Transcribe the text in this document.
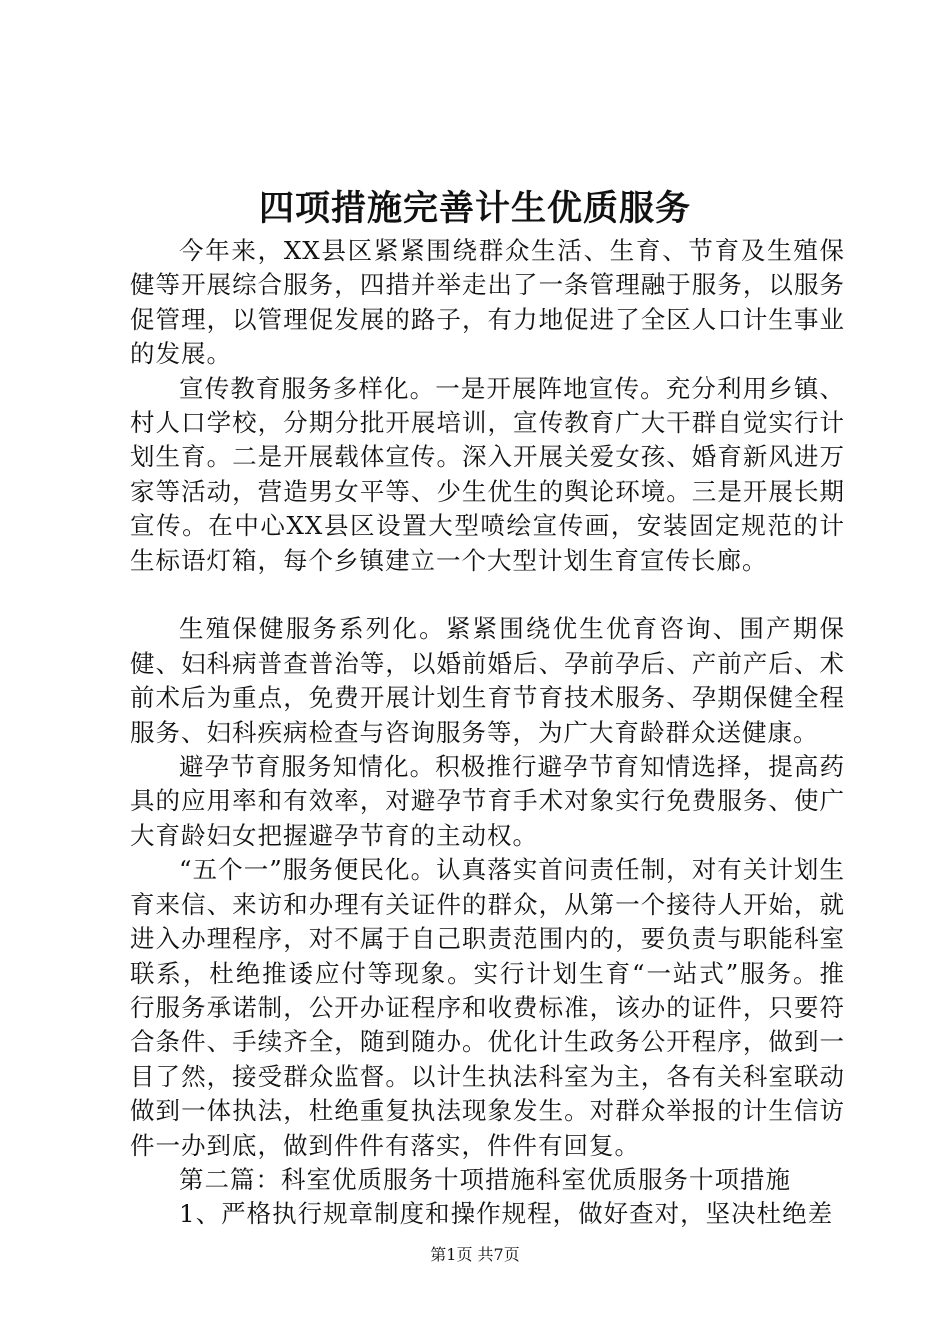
四项措施完善计生优质服务

今年来，XX县区紧紧围绕群众生活、生育、节育及生殖保健等开展综合服务，四措并举走出了一条管理融于服务，以服务促管理，以管理促发展的路子，有力地促进了全区人口计生事业的发展。

宣传教育服务多样化。一是开展阵地宣传。充分利用乡镇、村人口学校，分期分批开展培训，宣传教育广大干群自觉实行计划生育。二是开展载体宣传。深入开展关爱女孩、婚育新风进万家等活动，营造男女平等、少生优生的舆论环境。三是开展长期宣传。在中心XX县区设置大型喷绘宣传画，安装固定规范的计生标语灯箱，每个乡镇建立一个大型计划生育宣传长廊。

生殖保健服务系列化。紧紧围绕优生优育咨询、围产期保健、妇科病普查普治等，以婚前婚后、孕前孕后、产前产后、术前术后为重点，免费开展计划生育节育技术服务、孕期保健全程服务、妇科疾病检查与咨询服务等，为广大育龄群众送健康。

避孕节育服务知情化。积极推行避孕节育知情选择，提高药具的应用率和有效率，对避孕节育手术对象实行免费服务、使广大育龄妇女把握避孕节育的主动权。

“五个一”服务便民化。认真落实首问责任制，对有关计划生育来信、来访和办理有关证件的群众，从第一个接待人开始，就进入办理程序，对不属于自己职责范围内的，要负责与职能科室联系，杜绝推诿应付等现象。实行计划生育“一站式”服务。推行服务承诺制，公开办证程序和收费标准，该办的证件，只要符合条件、手续齐全，随到随办。优化计生政务公开程序，做到一目了然，接受群众监督。以计生执法科室为主，各有关科室联动做到一体执法，杜绝重复执法现象发生。对群众举报的计生信访件一办到底，做到件件有落实，件件有回复。

第二篇：科室优质服务十项措施科室优质服务十项措施

1、严格执行规章制度和操作规程，做好查对，坚决杜绝差

第1页 共7页
